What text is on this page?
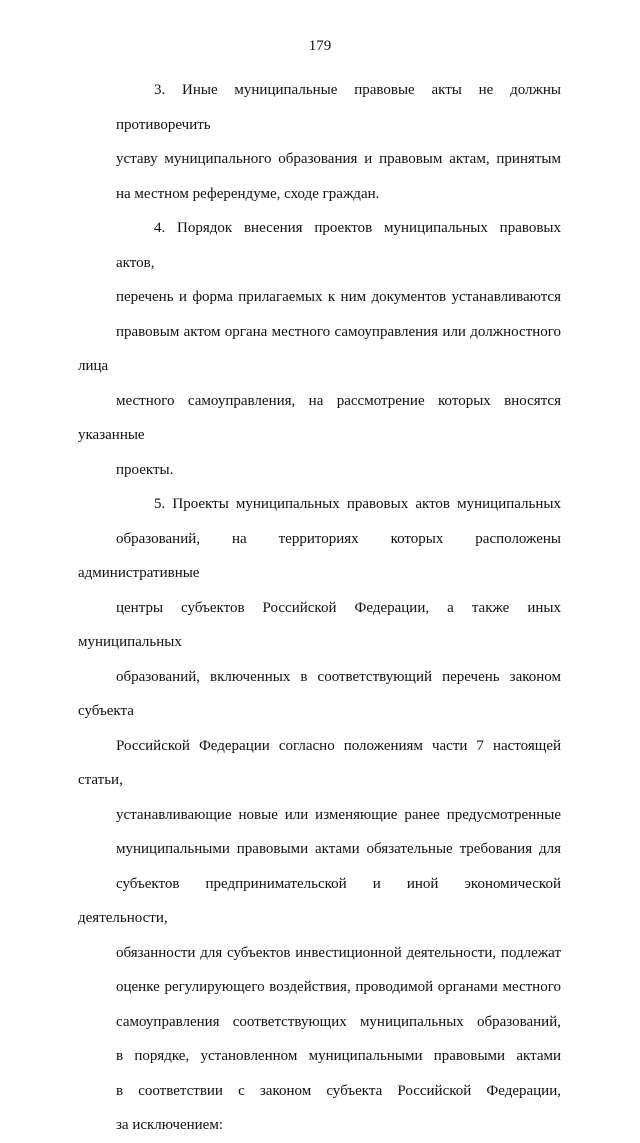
179
3. Иные муниципальные правовые акты не должны противоречить
уставу муниципального образования и правовым актам, принятым
на местном референдуме, сходе граждан.
4. Порядок внесения проектов муниципальных правовых актов,
перечень и форма прилагаемых к ним документов устанавливаются
правовым актом органа местного самоуправления или должностного лица
местного самоуправления, на рассмотрение которых вносятся указанные
проекты.
5. Проекты муниципальных правовых актов муниципальных
образований, на территориях которых расположены административные
центры субъектов Российской Федерации, а также иных муниципальных
образований, включенных в соответствующий перечень законом субъекта
Российской Федерации согласно положениям части 7 настоящей статьи,
устанавливающие новые или изменяющие ранее предусмотренные
муниципальными правовыми актами обязательные требования для
субъектов предпринимательской и иной экономической деятельности,
обязанности для субъектов инвестиционной деятельности, подлежат
оценке регулирующего воздействия, проводимой органами местного
самоуправления соответствующих муниципальных образований,
в порядке, установленном муниципальными правовыми актами
в соответствии с законом субъекта Российской Федерации,
за исключением:
